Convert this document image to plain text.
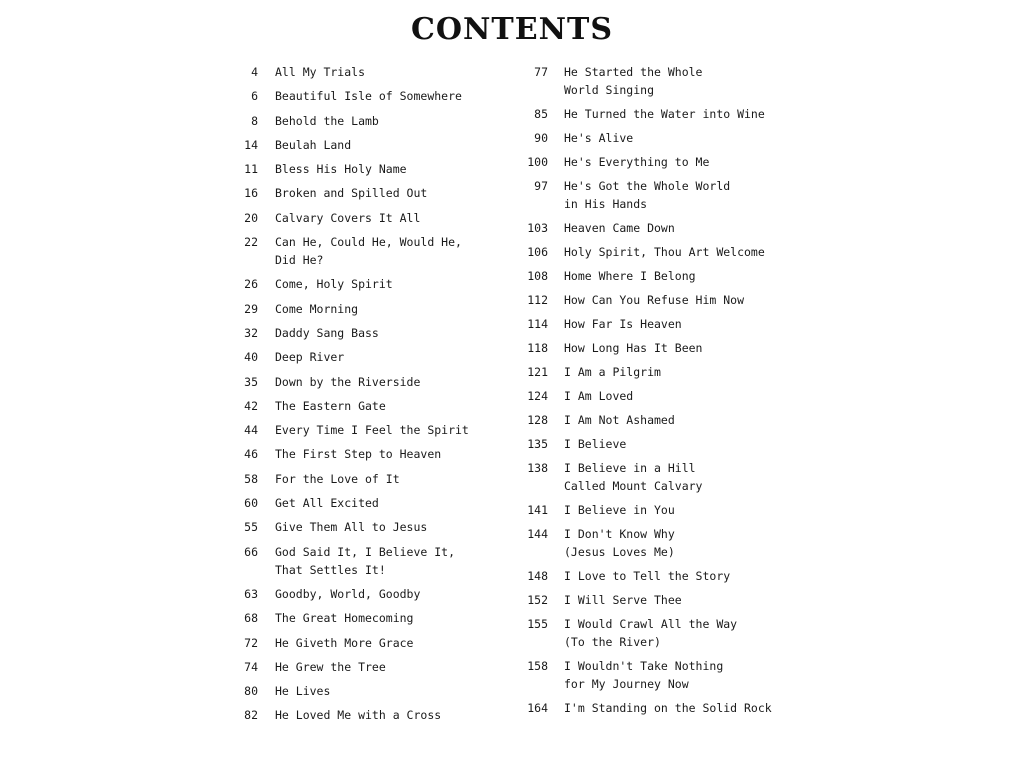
CONTENTS
4 All My Trials
6 Beautiful Isle of Somewhere
8 Behold the Lamb
14 Beulah Land
11 Bless His Holy Name
16 Broken and Spilled Out
20 Calvary Covers It All
22 Can He, Could He, Would He,
Did He?
26 Come, Holy Spirit
29 Come Morning
32 Daddy Sang Bass
40 Deep River
35 Down by the Riverside
42 The Eastern Gate
44 Every Time I Feel the Spirit
46 The First Step to Heaven
58 For the Love of It
60 Get All Excited
55 Give Them All to Jesus
66 God Said It, I Believe It,
That Settles It!
63 Goodby, World, Goodby
68 The Great Homecoming
72 He Giveth More Grace
74 He Grew the Tree
80 He Lives
82 He Loved Me with a Cross
77 He Started the Whole
World Singing
85 He Turned the Water into Wine
90 He's Alive
100 He's Everything to Me
97 He's Got the Whole World
in His Hands
103 Heaven Came Down
106 Holy Spirit, Thou Art Welcome
108 Home Where I Belong
112 How Can You Refuse Him Now
114 How Far Is Heaven
118 How Long Has It Been
121 I Am a Pilgrim
124 I Am Loved
128 I Am Not Ashamed
135 I Believe
138 I Believe in a Hill
Called Mount Calvary
141 I Believe in You
144 I Don't Know Why
(Jesus Loves Me)
148 I Love to Tell the Story
152 I Will Serve Thee
155 I Would Crawl All the Way
(To the River)
158 I Wouldn't Take Nothing
for My Journey Now
164 I'm Standing on the Solid Rock
